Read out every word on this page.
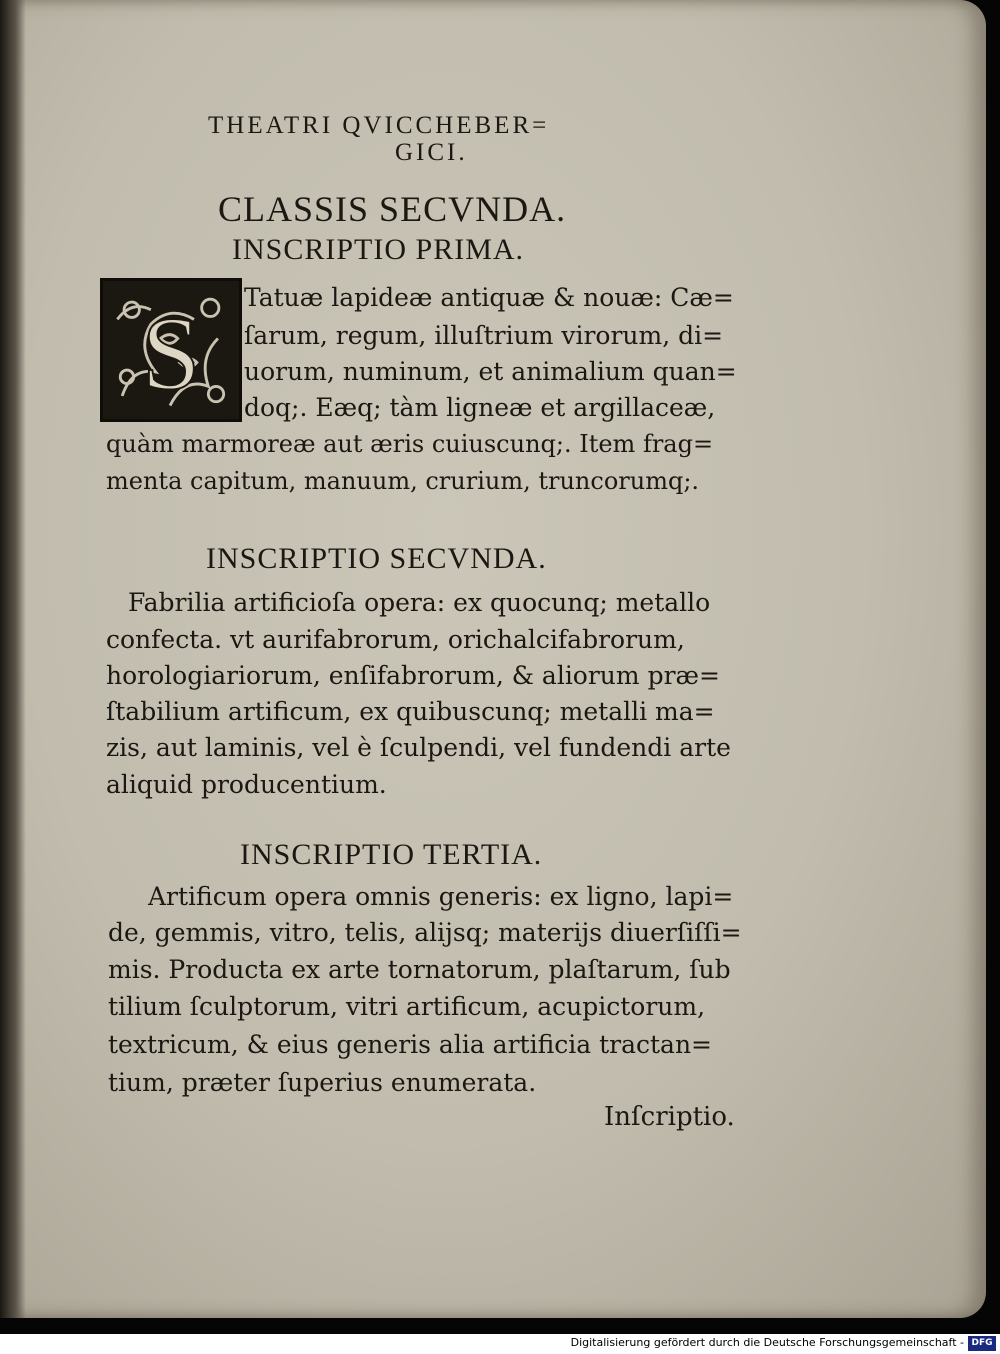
THEATRI QVICCHEBER=
GICI.
CLASSIS SECVNDA.
INSCRIPTIO PRIMA.
S Tatuæ lapideæ antiquæ & nouæ: Cæ=
ſarum, regum, illuſtrium virorum, di=
uorum, numinum, et animalium quan=
doq;. Eæq; tàm ligneæ et argillaceæ,
quàm marmoreæ aut æris cuiuscunq;. Item frag=
menta capitum, manuum, crurium, truncorumq;.
INSCRIPTIO SECVNDA.
Fabrilia artificioſa opera: ex quocunq; metallo
confecta. vt aurifabrorum, orichalcifabrorum,
horologiariorum, enſifabrorum, & aliorum præ=
ſtabilium artificum, ex quibuscunq; metalli ma=
zis, aut laminis, vel è ſculpendi, vel fundendi arte
aliquid producentium.
INSCRIPTIO TERTIA.
Artificum opera omnis generis: ex ligno, lapi=
de, gemmis, vitro, telis, alijsq; materijs diuerſiſſi=
mis. Producta ex arte tornatorum, plaſtarum, ſub
tilium ſculptorum, vitri artificum, acupictorum,
textricum, & eius generis alia artificia tractan=
tium, præter ſuperius enumerata.
Inſcriptio.
Digitalisierung gefördert durch die Deutsche Forschungsgemeinschaft - DFG
